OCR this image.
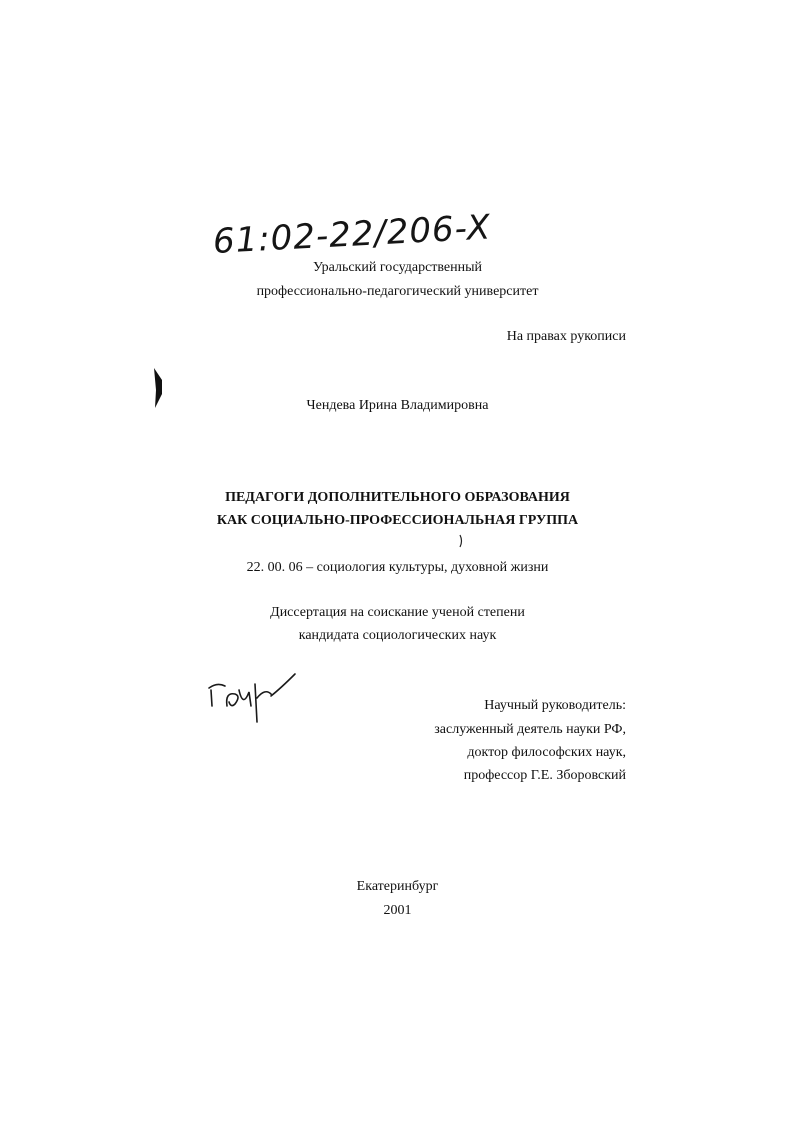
61:02-22/206-X
Уральский государственный
профессионально-педагогический университет
На правах рукописи
Чендева Ирина Владимировна
ПЕДАГОГИ ДОПОЛНИТЕЛЬНОГО ОБРАЗОВАНИЯ
КАК СОЦИАЛЬНО-ПРОФЕССИОНАЛЬНАЯ ГРУППА
22. 00. 06 – социология культуры, духовной жизни
Диссертация на соискание ученой степени
кандидата социологических наук
Научный руководитель:
заслуженный деятель науки РФ,
доктор философских наук,
профессор Г.Е. Зборовский
Екатеринбург
2001
